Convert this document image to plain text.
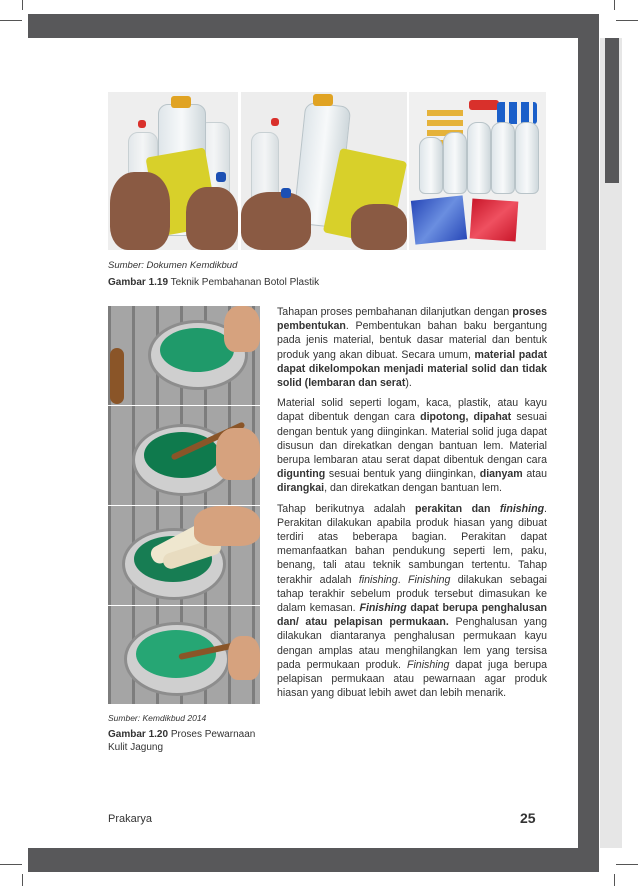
Sumber: Dokumen Kemdikbud
Gambar 1.19 Teknik Pembahanan Botol Plastik
Sumber: Kemdikbud 2014
Gambar 1.20 Proses Pewarnaan Kulit Jagung

Tahapan proses pembahanan dilanjutkan dengan proses pembentukan. Pembentukan bahan baku bergantung pada jenis material, bentuk dasar material dan bentuk produk yang akan dibuat. Secara umum, material padat dapat dikelompokan menjadi material solid dan tidak solid (lembaran dan serat).

Material solid seperti logam, kaca, plastik, atau kayu dapat dibentuk dengan cara dipotong, dipahat sesuai dengan bentuk yang diinginkan. Material solid juga dapat disusun dan direkatkan dengan bantuan lem. Material berupa lembaran atau serat dapat dibentuk dengan cara digunting sesuai bentuk yang diinginkan, dianyam atau dirangkai, dan direkatkan dengan bantuan lem.

Tahap berikutnya adalah perakitan dan finishing. Perakitan dilakukan apabila produk hiasan yang dibuat terdiri atas beberapa bagian. Perakitan dapat memanfaatkan bahan pendukung seperti lem, paku, benang, tali atau teknik sambungan tertentu. Tahap terakhir adalah finishing. Finishing dilakukan sebagai tahap terakhir sebelum produk tersebut dimasukan ke dalam kemasan. Finishing dapat berupa penghalusan dan/ atau pelapisan permukaan. Penghalusan yang dilakukan diantaranya penghalusan permukaan kayu dengan amplas atau menghilangkan lem yang tersisa pada permukaan produk. Finishing dapat juga berupa pelapisan permukaan atau pewarnaan agar produk hiasan yang dibuat lebih awet dan lebih menarik.

Prakarya	25
